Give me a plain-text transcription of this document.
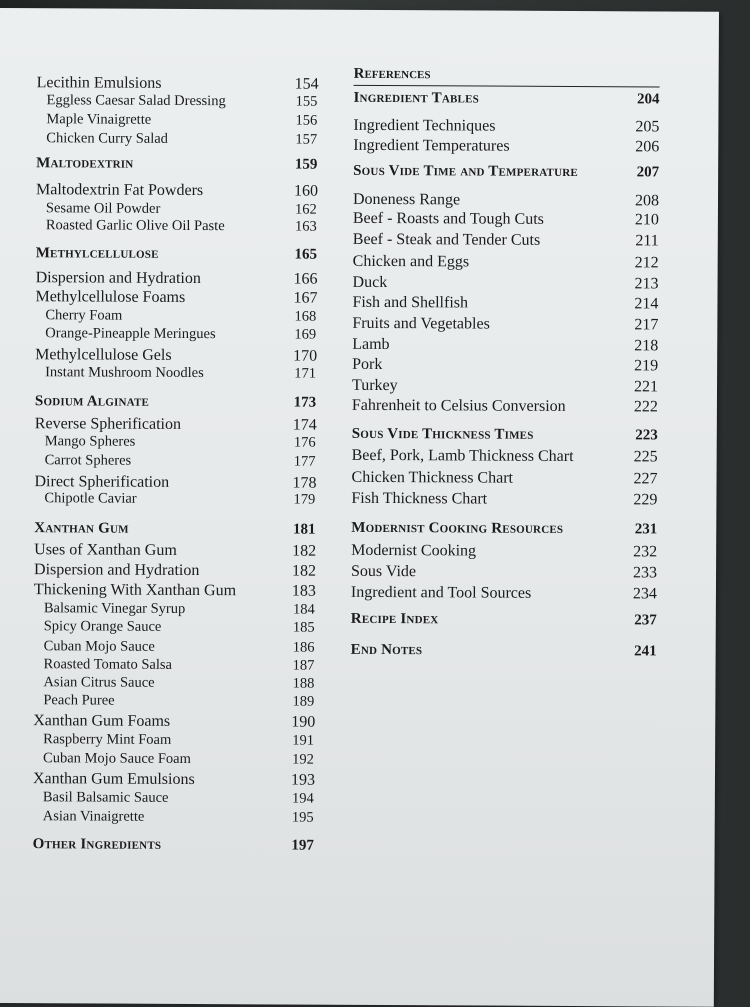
Lecithin Emulsions	154
Eggless Caesar Salad Dressing	155
Maple Vinaigrette	156
Chicken Curry Salad	157
Maltodextrin	159
Maltodextrin Fat Powders	160
Sesame Oil Powder	162
Roasted Garlic Olive Oil Paste	163
Methylcellulose	165
Dispersion and Hydration	166
Methylcellulose Foams	167
Cherry Foam	168
Orange-Pineapple Meringues	169
Methylcellulose Gels	170
Instant Mushroom Noodles	171
Sodium Alginate	173
Reverse Spherification	174
Mango Spheres	176
Carrot Spheres	177
Direct Spherification	178
Chipotle Caviar	179
Xanthan Gum	181
Uses of Xanthan Gum	182
Dispersion and Hydration	182
Thickening With Xanthan Gum	183
Balsamic Vinegar Syrup	184
Spicy Orange Sauce	185
Cuban Mojo Sauce	186
Roasted Tomato Salsa	187
Asian Citrus Sauce	188
Peach Puree	189
Xanthan Gum Foams	190
Raspberry Mint Foam	191
Cuban Mojo Sauce Foam	192
Xanthan Gum Emulsions	193
Basil Balsamic Sauce	194
Asian Vinaigrette	195
Other Ingredients	197
References
Ingredient Tables	204
Ingredient Techniques	205
Ingredient Temperatures	206
Sous Vide Time and Temperature	207
Doneness Range	208
Beef - Roasts and Tough Cuts	210
Beef - Steak and Tender Cuts	211
Chicken and Eggs	212
Duck	213
Fish and Shellfish	214
Fruits and Vegetables	217
Lamb	218
Pork	219
Turkey	221
Fahrenheit to Celsius Conversion	222
Sous Vide Thickness Times	223
Beef, Pork, Lamb Thickness Chart	225
Chicken Thickness Chart	227
Fish Thickness Chart	229
Modernist Cooking Resources	231
Modernist Cooking	232
Sous Vide	233
Ingredient and Tool Sources	234
Recipe Index	237
End Notes	241
